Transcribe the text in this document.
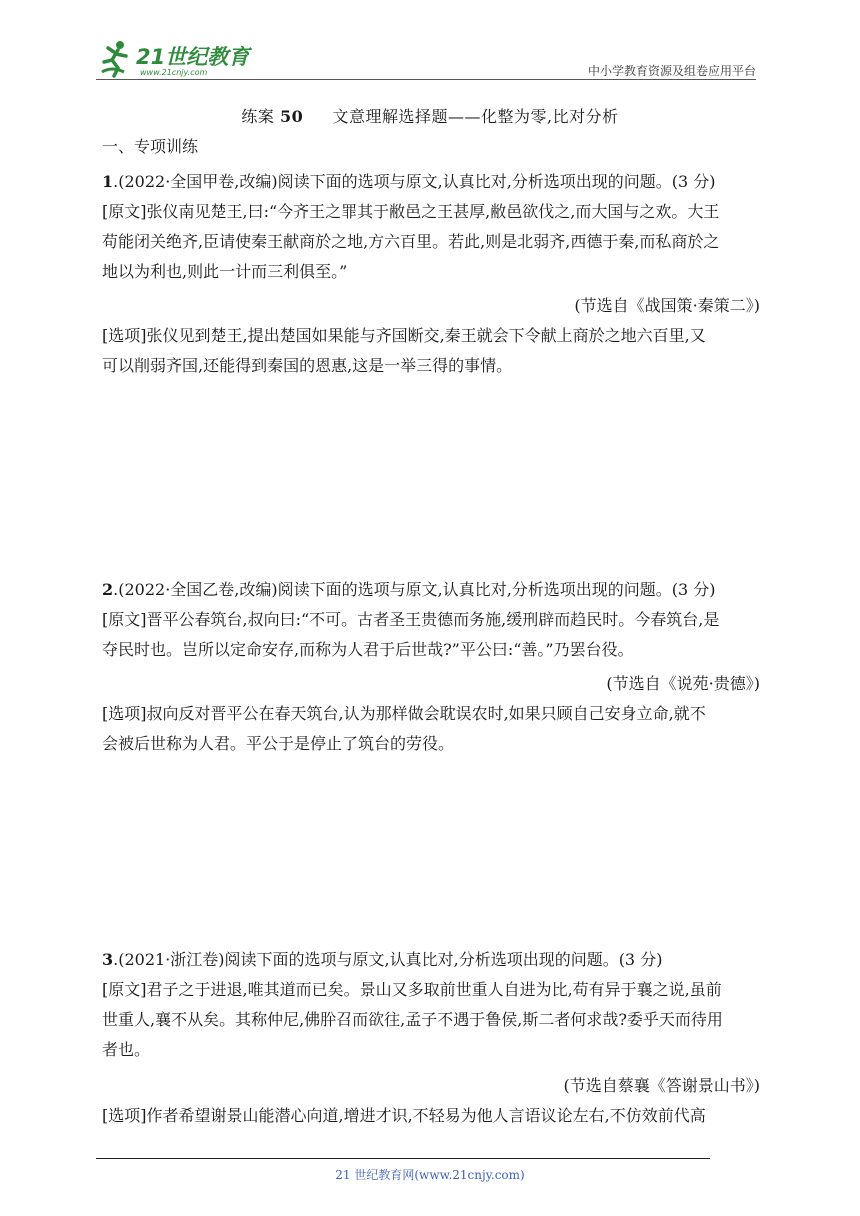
21世纪教育
www.21cnjy.com	中小学教育资源及组卷应用平台
练案 50 文意理解选择题——化整为零,比对分析
一、专项训练
1.(2022·全国甲卷,改编)阅读下面的选项与原文,认真比对,分析选项出现的问题。(3 分)
[原文]张仪南见楚王,曰:“今齐王之罪其于敝邑之王甚厚,敝邑欲伐之,而大国与之欢。大王
苟能闭关绝齐,臣请使秦王献商於之地,方六百里。若此,则是北弱齐,西德于秦,而私商於之
地以为利也,则此一计而三利俱至。”
(节选自《战国策·秦策二》)
[选项]张仪见到楚王,提出楚国如果能与齐国断交,秦王就会下令献上商於之地六百里,又
可以削弱齐国,还能得到秦国的恩惠,这是一举三得的事情。
2.(2022·全国乙卷,改编)阅读下面的选项与原文,认真比对,分析选项出现的问题。(3 分)
[原文]晋平公春筑台,叔向曰:“不可。古者圣王贵德而务施,缓刑辟而趋民时。今春筑台,是
夺民时也。岂所以定命安存,而称为人君于后世哉?”平公曰:“善。”乃罢台役。
(节选自《说苑·贵德》)
[选项]叔向反对晋平公在春天筑台,认为那样做会耽误农时,如果只顾自己安身立命,就不
会被后世称为人君。平公于是停止了筑台的劳役。
3.(2021·浙江卷)阅读下面的选项与原文,认真比对,分析选项出现的问题。(3 分)
[原文]君子之于进退,唯其道而已矣。景山又多取前世重人自进为比,苟有异于襄之说,虽前
世重人,襄不从矣。其称仲尼,佛肸召而欲往,孟子不遇于鲁侯,斯二者何求哉?委乎天而待用
者也。
(节选自蔡襄《答谢景山书》)
[选项]作者希望谢景山能潜心向道,增进才识,不轻易为他人言语议论左右,不仿效前代高
21 世纪教育网(www.21cnjy.com)
